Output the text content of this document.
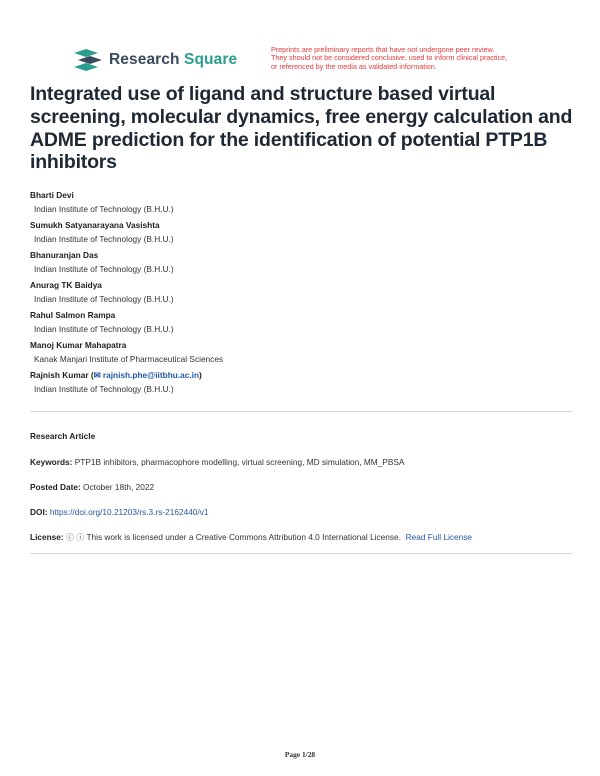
Research Square
Preprints are preliminary reports that have not undergone peer review.
They should not be considered conclusive, used to inform clinical practice,
or referenced by the media as validated information.
Integrated use of ligand and structure based virtual screening, molecular dynamics, free energy calculation and ADME prediction for the identification of potential PTP1B inhibitors
Bharti Devi
Indian Institute of Technology (B.H.U.)
Sumukh Satyanarayana Vasishta
Indian Institute of Technology (B.H.U.)
Bhanuranjan Das
Indian Institute of Technology (B.H.U.)
Anurag TK Baidya
Indian Institute of Technology (B.H.U.)
Rahul Salmon Rampa
Indian Institute of Technology (B.H.U.)
Manoj Kumar Mahapatra
Kanak Manjari Institute of Pharmaceutical Sciences
Rajnish Kumar (✉ rajnish.phe@iitbhu.ac.in)
Indian Institute of Technology (B.H.U.)
Research Article
Keywords: PTP1B inhibitors, pharmacophore modelling, virtual screening, MD simulation, MM_PBSA
Posted Date: October 18th, 2022
DOI: https://doi.org/10.21203/rs.3.rs-2162440/v1
License: ⓒ ⓘ This work is licensed under a Creative Commons Attribution 4.0 International License. Read Full License
Page 1/28
